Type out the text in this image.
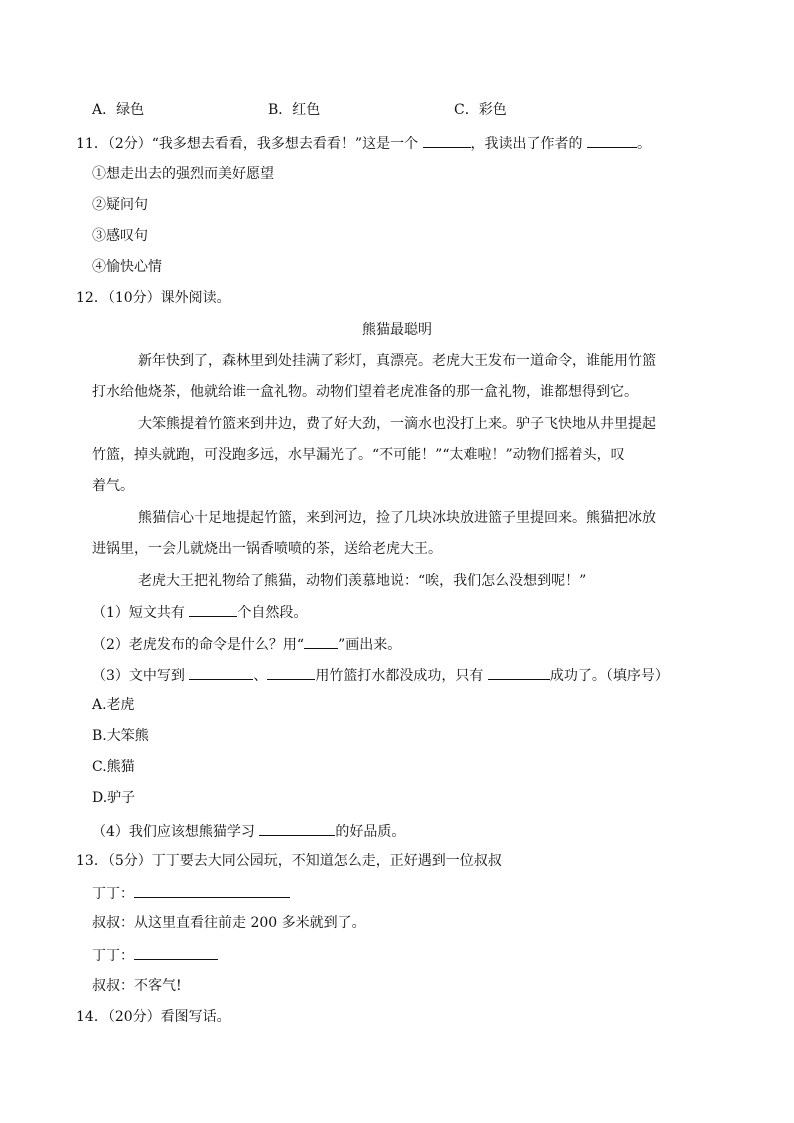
A．绿色	B．红色	C．彩色
11．（2分）“我多想去看看，我多想去看看！”这是一个	，我读出了作者的	。
①想走出去的强烈而美好愿望
②疑问句
③感叹句
④愉快心情
12．（10分）课外阅读。
熊猫最聪明
新年快到了，森林里到处挂满了彩灯，真漂亮。老虎大王发布一道命令，谁能用竹篮
打水给他烧茶，他就给谁一盒礼物。动物们望着老虎准备的那一盒礼物，谁都想得到它。
大笨熊提着竹篮来到井边，费了好大劲，一滴水也没打上来。驴子飞快地从井里提起
竹篮，掉头就跑，可没跑多远，水早漏光了。“不可能！”“太难啦！”动物们摇着头，叹
着气。
熊猫信心十足地提起竹篮，来到河边，捡了几块冰块放进篮子里提回来。熊猫把冰放
进锅里，一会儿就烧出一锅香喷喷的茶，送给老虎大王。
老虎大王把礼物给了熊猫，动物们羡慕地说：“唉，我们怎么没想到呢！”
（1）短文共有	个自然段。
（2）老虎发布的命令是什么？用“ ”画出来。
（3）文中写到	、	用竹篮打水都没成功，只有	成功了。（填序号）
A.老虎
B.大笨熊
C.熊猫
D.驴子
（4）我们应该想熊猫学习	的好品质。
13．（5分）丁丁要去大同公园玩，不知道怎么走，正好遇到一位叔叔
丁丁：
叔叔：从这里直看往前走 200 多米就到了。
丁丁：
叔叔：不客气!
14．（20分）看图写话。
